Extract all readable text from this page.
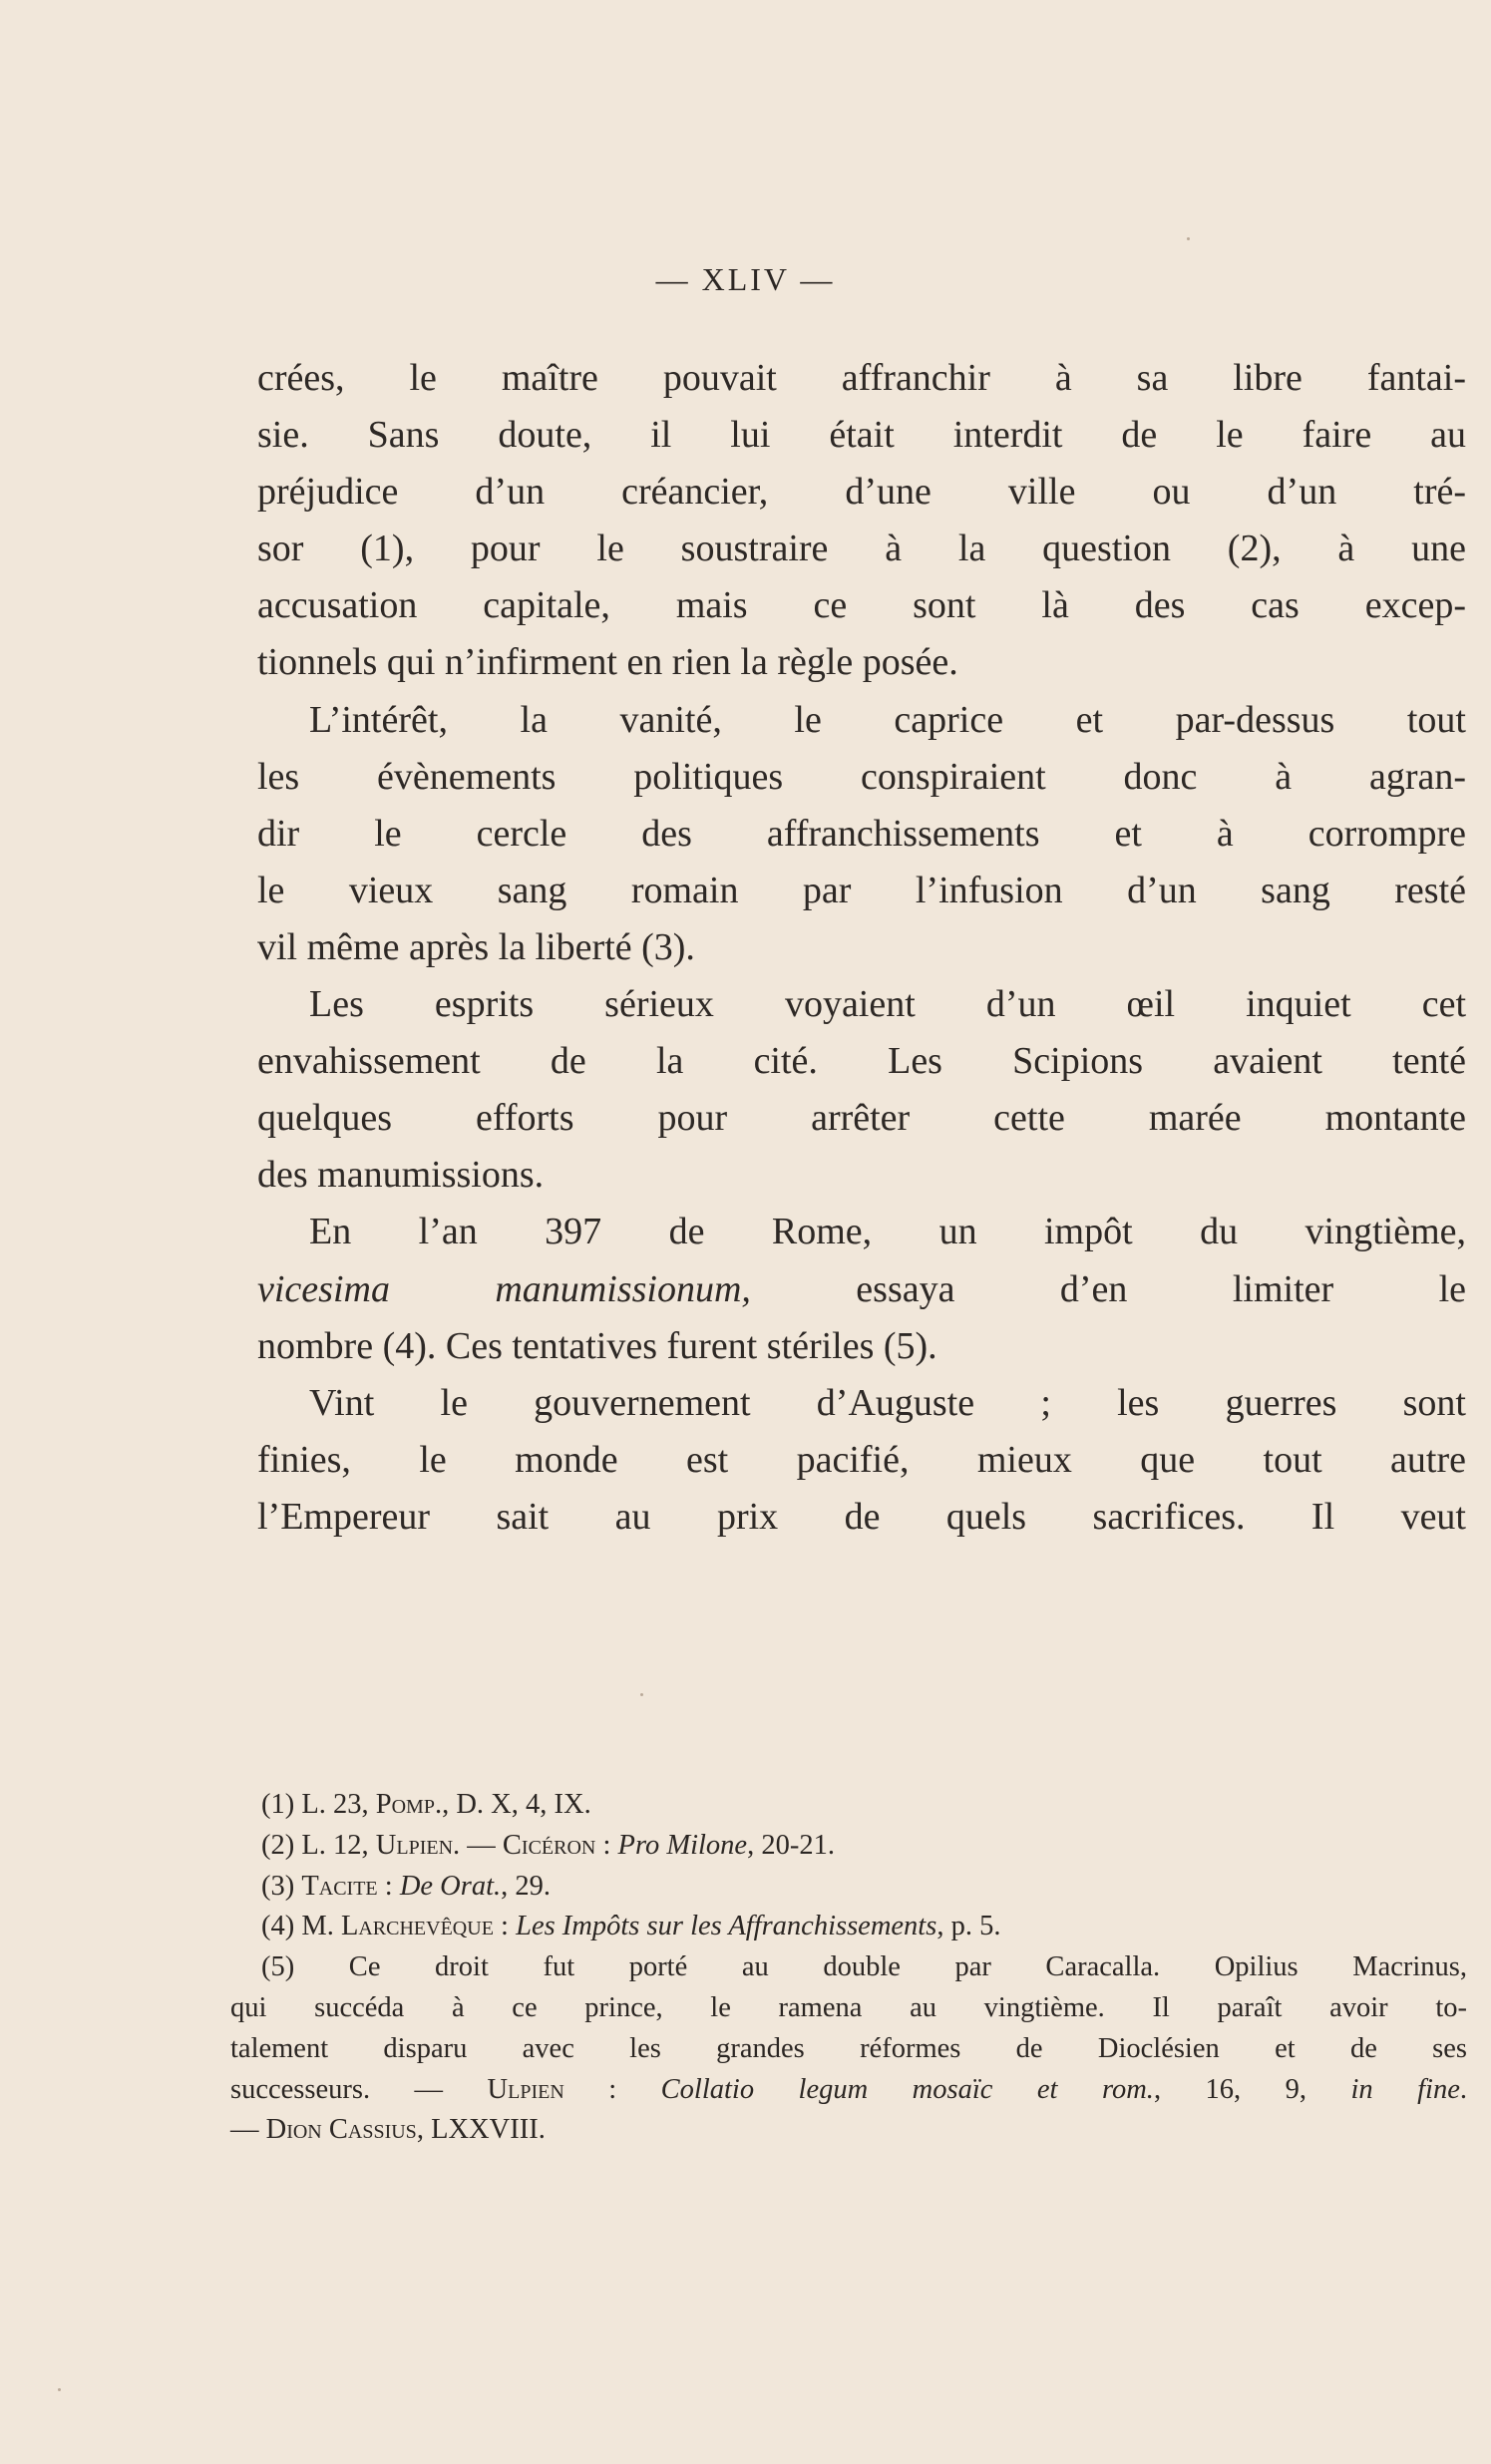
— XLIV —

crées, le maître pouvait affranchir à sa libre fantai-
sie. Sans doute, il lui était interdit de le faire au
préjudice d’un créancier, d’une ville ou d’un tré-
sor (1), pour le soustraire à la question (2), à une
accusation capitale, mais ce sont là des cas excep-
tionnels qui n’infirment en rien la règle posée.

L’intérêt, la vanité, le caprice et par-dessus tout
les évènements politiques conspiraient donc à agran-
dir le cercle des affranchissements et à corrompre
le vieux sang romain par l’infusion d’un sang resté
vil même après la liberté (3).

Les esprits sérieux voyaient d’un œil inquiet cet
envahissement de la cité. Les Scipions avaient tenté
quelques efforts pour arrêter cette marée montante
des manumissions.

En l’an 397 de Rome, un impôt du vingtième,
vicesima manumissionum, essaya d’en limiter le
nombre (4). Ces tentatives furent stériles (5).

Vint le gouvernement d’Auguste ; les guerres sont
finies, le monde est pacifié, mieux que tout autre
l’Empereur sait au prix de quels sacrifices. Il veut

(1) L. 23, Pomp., D. X, 4, IX.

(2) L. 12, Ulpien. — Cicéron : Pro Milone, 20-21.

(3) Tacite : De Orat., 29.

(4) M. Larchevêque : Les Impôts sur les Affranchissements, p. 5.

(5) Ce droit fut porté au double par Caracalla. Opilius Macrinus,
qui succéda à ce prince, le ramena au vingtième. Il paraît avoir to-
talement disparu avec les grandes réformes de Dioclésien et de ses
successeurs. — Ulpien : Collatio legum mosaïc et rom., 16, 9, in fine.
— Dion Cassius, LXXVIII.
